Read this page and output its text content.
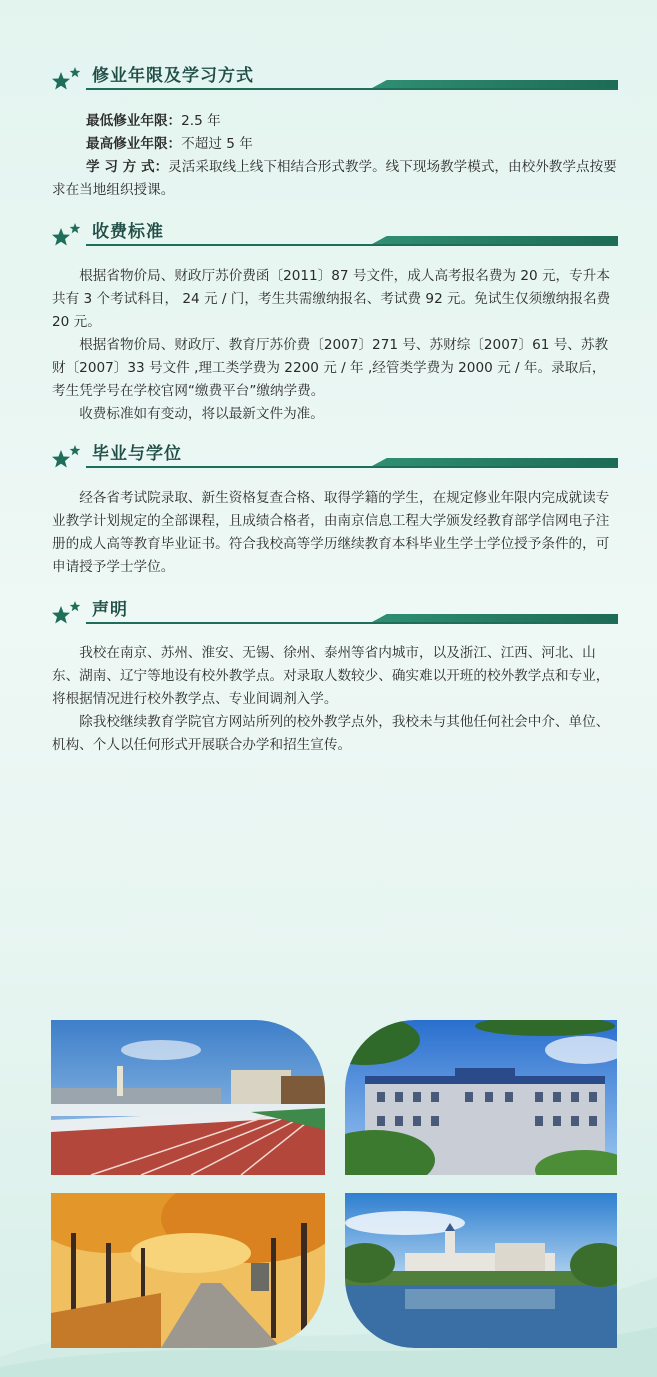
修业年限及学习方式

最低修业年限：2.5 年

最高修业年限：不超过 5 年

学 习 方 式：灵活采取线上线下相结合形式教学。线下现场教学模式，由校外教学点按要求在当地组织授课。

收费标准

根据省物价局、财政厅苏价费函〔2011〕87 号文件，成人高考报名费为 20 元，专升本共有 3 个考试科目， 24 元 / 门，考生共需缴纳报名、考试费 92 元。免试生仅须缴纳报名费 20 元。

根据省物价局、财政厅、教育厅苏价费〔2007〕271 号、苏财综〔2007〕61 号、苏教财〔2007〕33 号文件 ,理工类学费为 2200 元 / 年 ,经管类学费为 2000 元 / 年。录取后，考生凭学号在学校官网“缴费平台”缴纳学费。

收费标准如有变动，将以最新文件为准。

毕业与学位

经各省考试院录取、新生资格复查合格、取得学籍的学生，在规定修业年限内完成就读专业教学计划规定的全部课程，且成绩合格者，由南京信息工程大学颁发经教育部学信网电子注册的成人高等教育毕业证书。符合我校高等学历继续教育本科毕业生学士学位授予条件的，可申请授予学士学位。

声明

我校在南京、苏州、淮安、无锡、徐州、泰州等省内城市，以及浙江、江西、河北、山东、湖南、辽宁等地设有校外教学点。对录取人数较少、确实难以开班的校外教学点和专业，将根据情况进行校外教学点、专业间调剂入学。

除我校继续教育学院官方网站所列的校外教学点外，我校未与其他任何社会中介、单位、机构、个人以任何形式开展联合办学和招生宣传。
